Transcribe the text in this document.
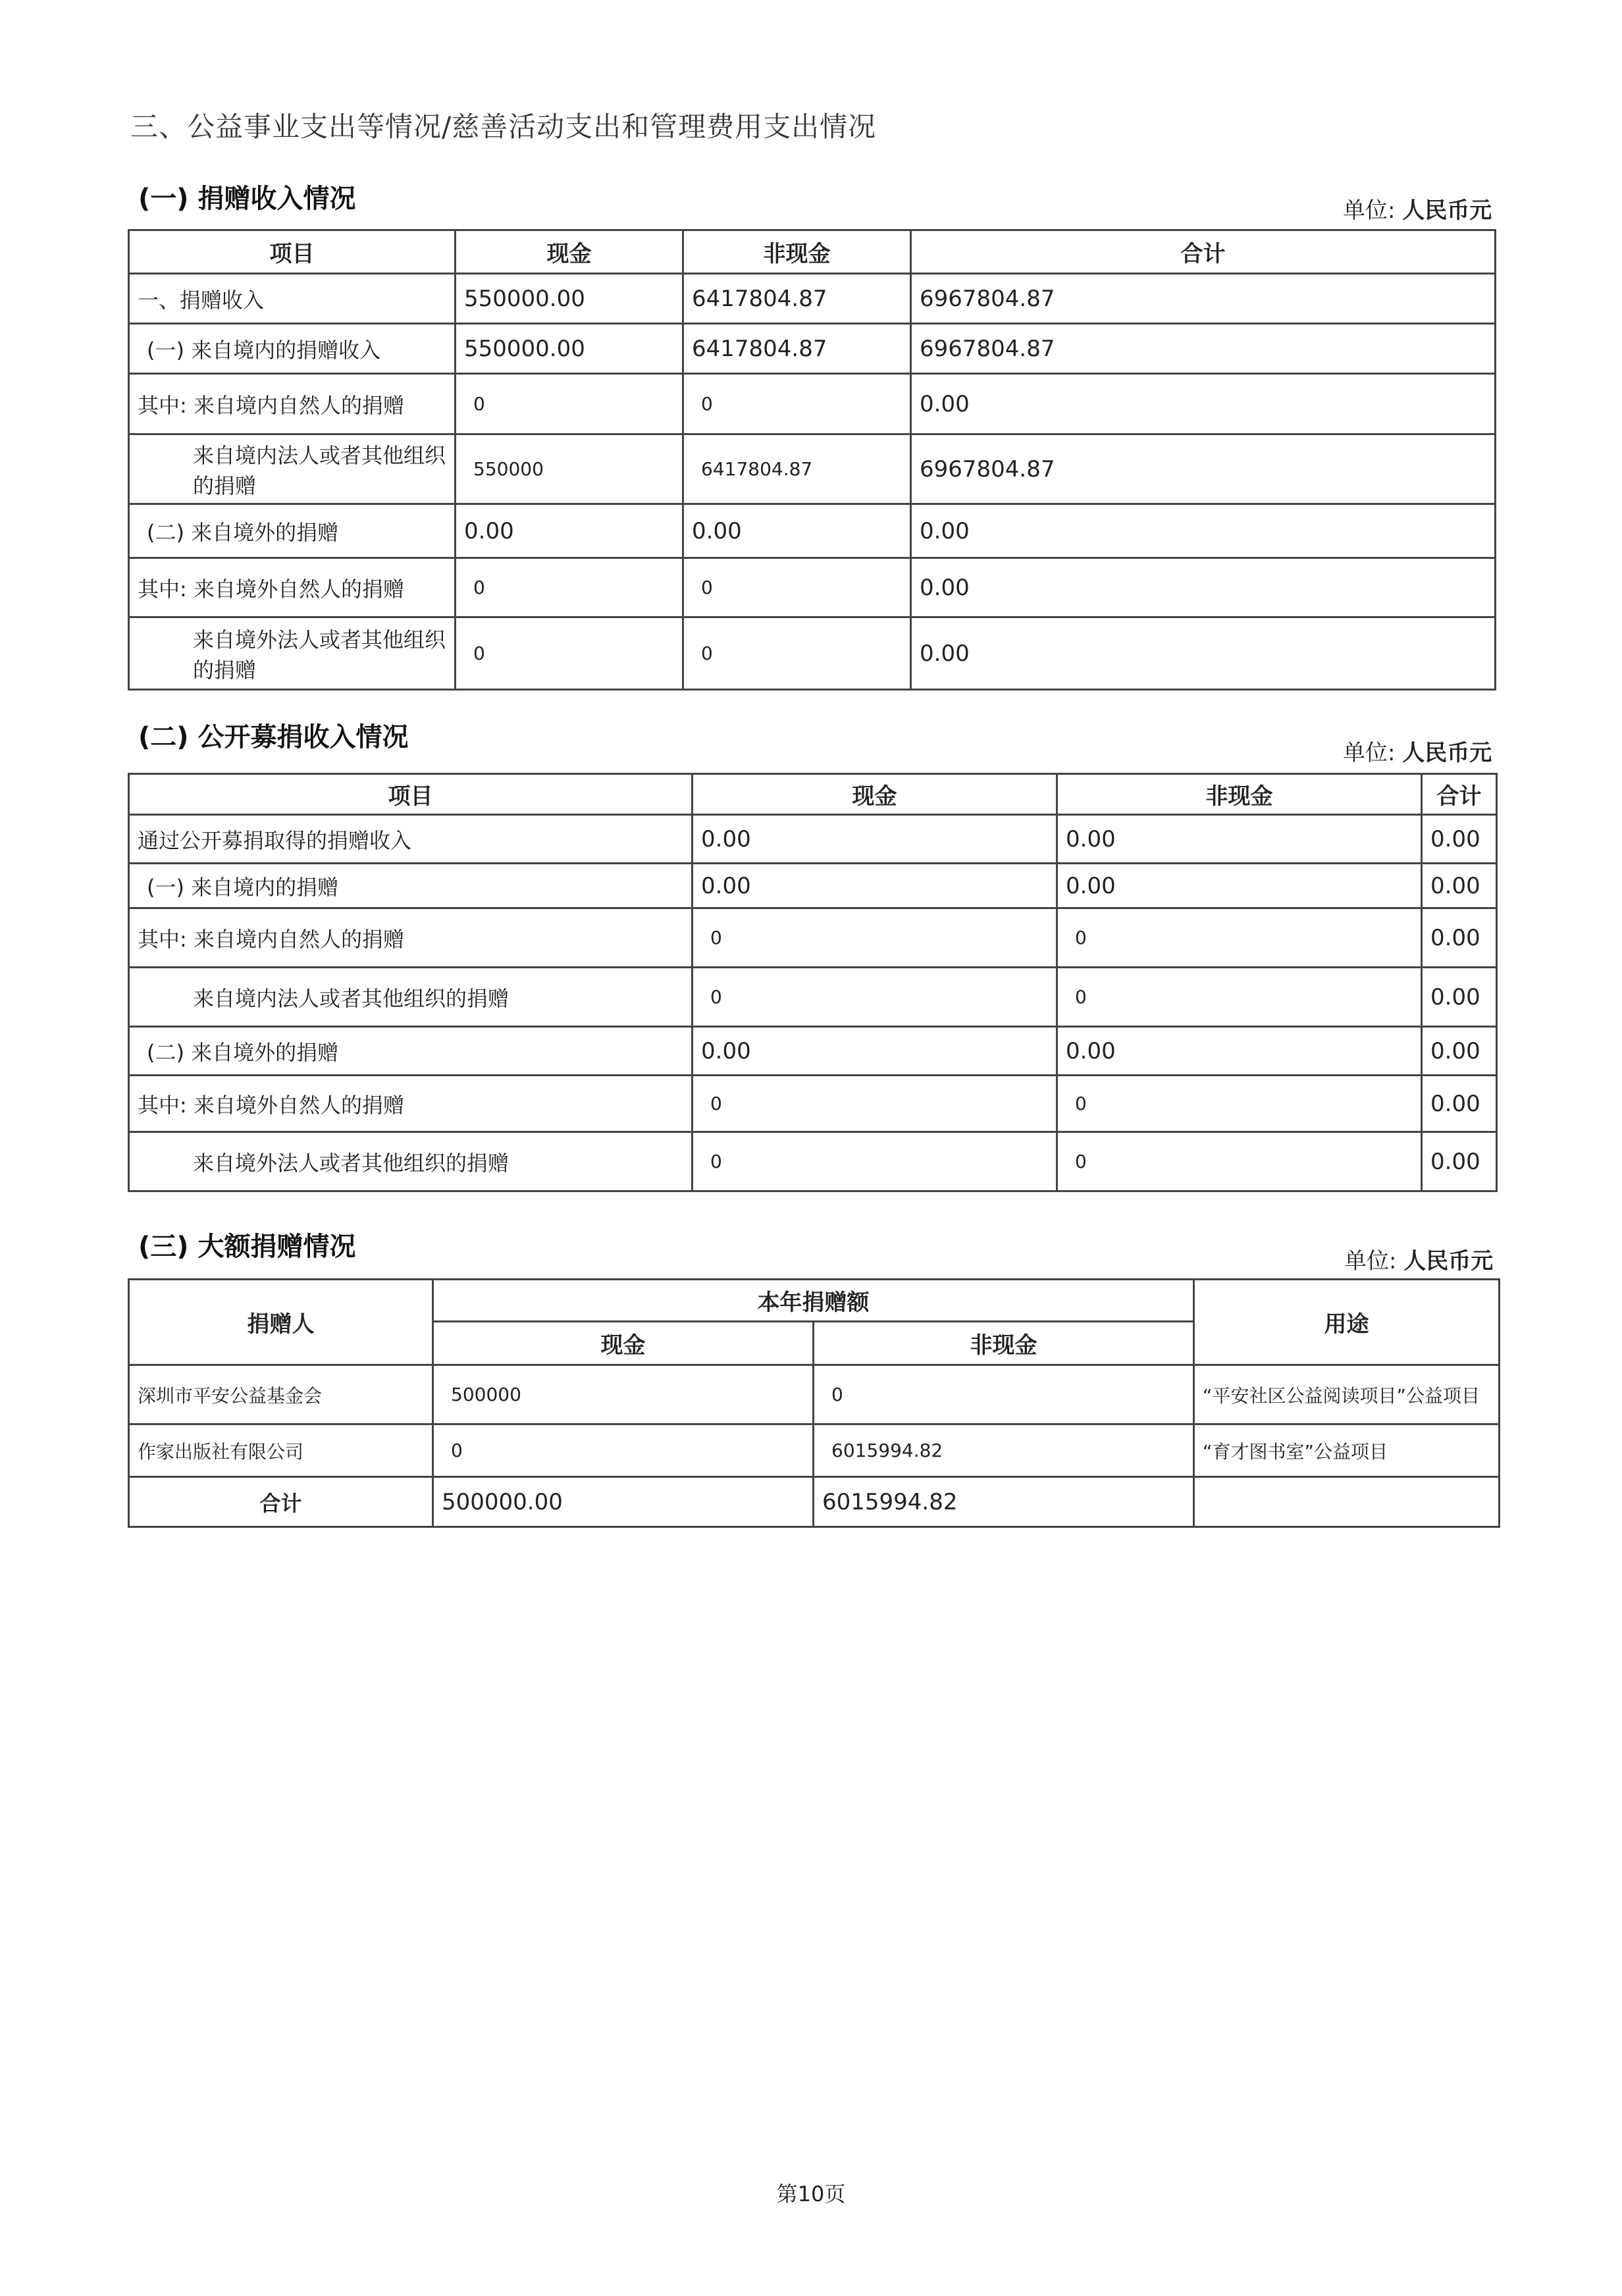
三、公益事业支出等情况/慈善活动支出和管理费用支出情况
(一) 捐赠收入情况	单位: 人民币元
项目	现金	非现金	合计
一、捐赠收入	550000.00	6417804.87	6967804.87
(一) 来自境内的捐赠收入	550000.00	6417804.87	6967804.87
其中: 来自境内自然人的捐赠	0	0	0.00
来自境内法人或者其他组织的捐赠	550000	6417804.87	6967804.87
(二) 来自境外的捐赠	0.00	0.00	0.00
其中: 来自境外自然人的捐赠	0	0	0.00
来自境外法人或者其他组织的捐赠	0	0	0.00
(二) 公开募捐收入情况
单位: 人民币元
项目	现金	非现金	合计
通过公开募捐取得的捐赠收入	0.00	0.00	0.00
(一) 来自境内的捐赠	0.00	0.00	0.00
其中: 来自境内自然人的捐赠	0	0	0.00
来自境内法人或者其他组织的捐赠	0	0	0.00
(二) 来自境外的捐赠	0.00	0.00	0.00
其中: 来自境外自然人的捐赠	0	0	0.00
来自境外法人或者其他组织的捐赠	0	0	0.00
(三) 大额捐赠情况	单位: 人民币元
捐赠人	本年捐赠额		用途
	现金	非现金	
深圳市平安公益基金会	500000	0	“平安社区公益阅读项目”公益项目
作家出版社有限公司	0	6015994.82	“育才图书室”公益项目
合计	500000.00	6015994.82	
第10页
